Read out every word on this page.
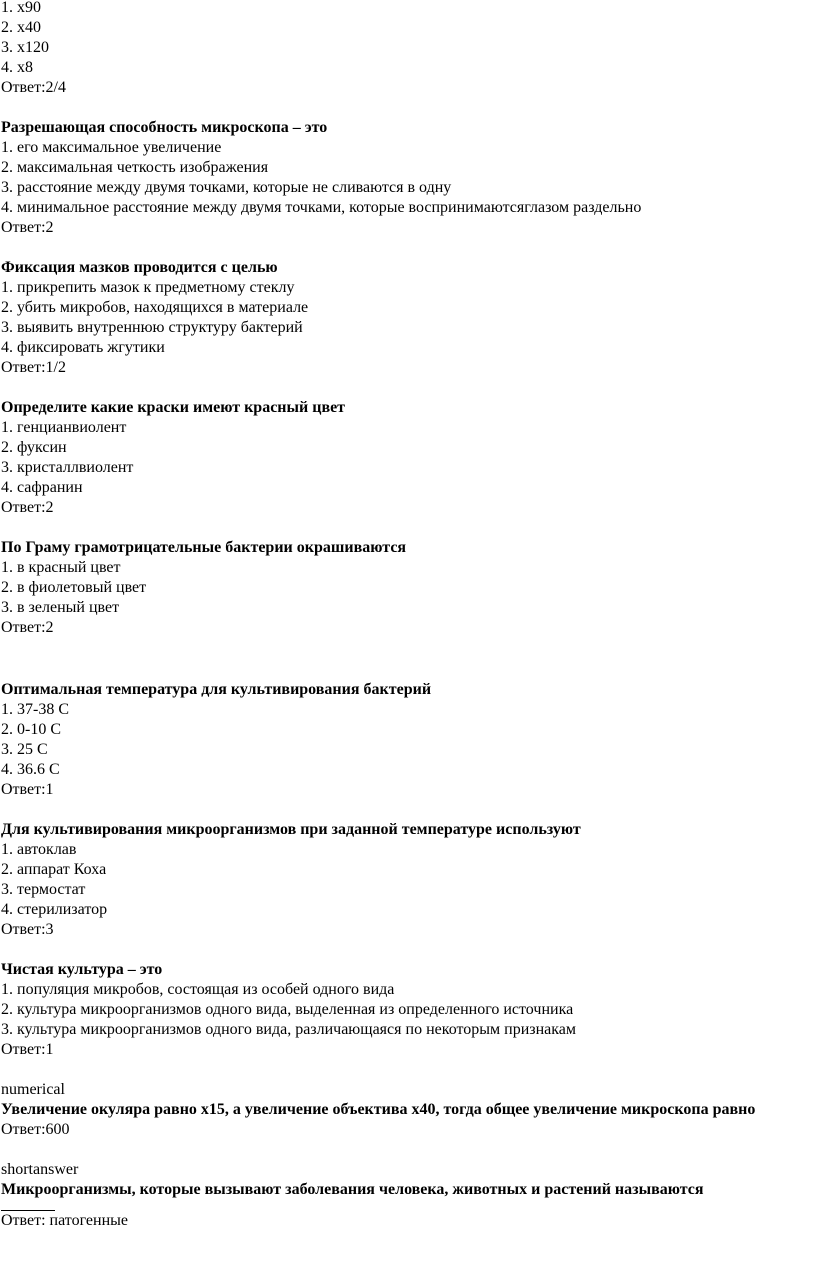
1. x90
2. x40
3. x120
4. x8
Ответ:2/4
Разрешающая способность микроскопа – это
1. его максимальное увеличение
2. максимальная четкость изображения
3. расстояние между двумя точками, которые не сливаются в одну
4. минимальное расстояние между двумя точками, которые воспринимаютсяглазом раздельно
Ответ:2
Фиксация мазков проводится с целью
1. прикрепить мазок к предметному стеклу
2. убить микробов, находящихся в материале
3. выявить внутреннюю структуру бактерий
4. фиксировать жгутики
Ответ:1/2
Определите какие краски имеют красный цвет
1. генцианвиолент
2. фуксин
3. кристаллвиолент
4. сафранин
Ответ:2
По Граму грамотрицательные бактерии окрашиваются
1. в красный цвет
2. в фиолетовый цвет
3. в зеленый цвет
Ответ:2
Оптимальная температура для культивирования бактерий
1. 37-38 С
2. 0-10 С
3. 25 С
4. 36.6 С
Ответ:1
Для культивирования микроорганизмов при заданной температуре используют
1. автоклав
2. аппарат Коха
3. термостат
4. стерилизатор
Ответ:3
Чистая культура – это
1. популяция микробов, состоящая из особей одного вида
2. культура микроорганизмов одного вида, выделенная из определенного источника
3. культура микроорганизмов одного вида, различающаяся по некоторым признакам
Ответ:1
numerical
Увеличение окуляра равно х15, а увеличение объектива х40, тогда общее увеличение микроскопа равно
Ответ:600
shortanswer
Микроорганизмы, которые вызывают заболевания человека, животных и растений называются
Ответ: патогенные
